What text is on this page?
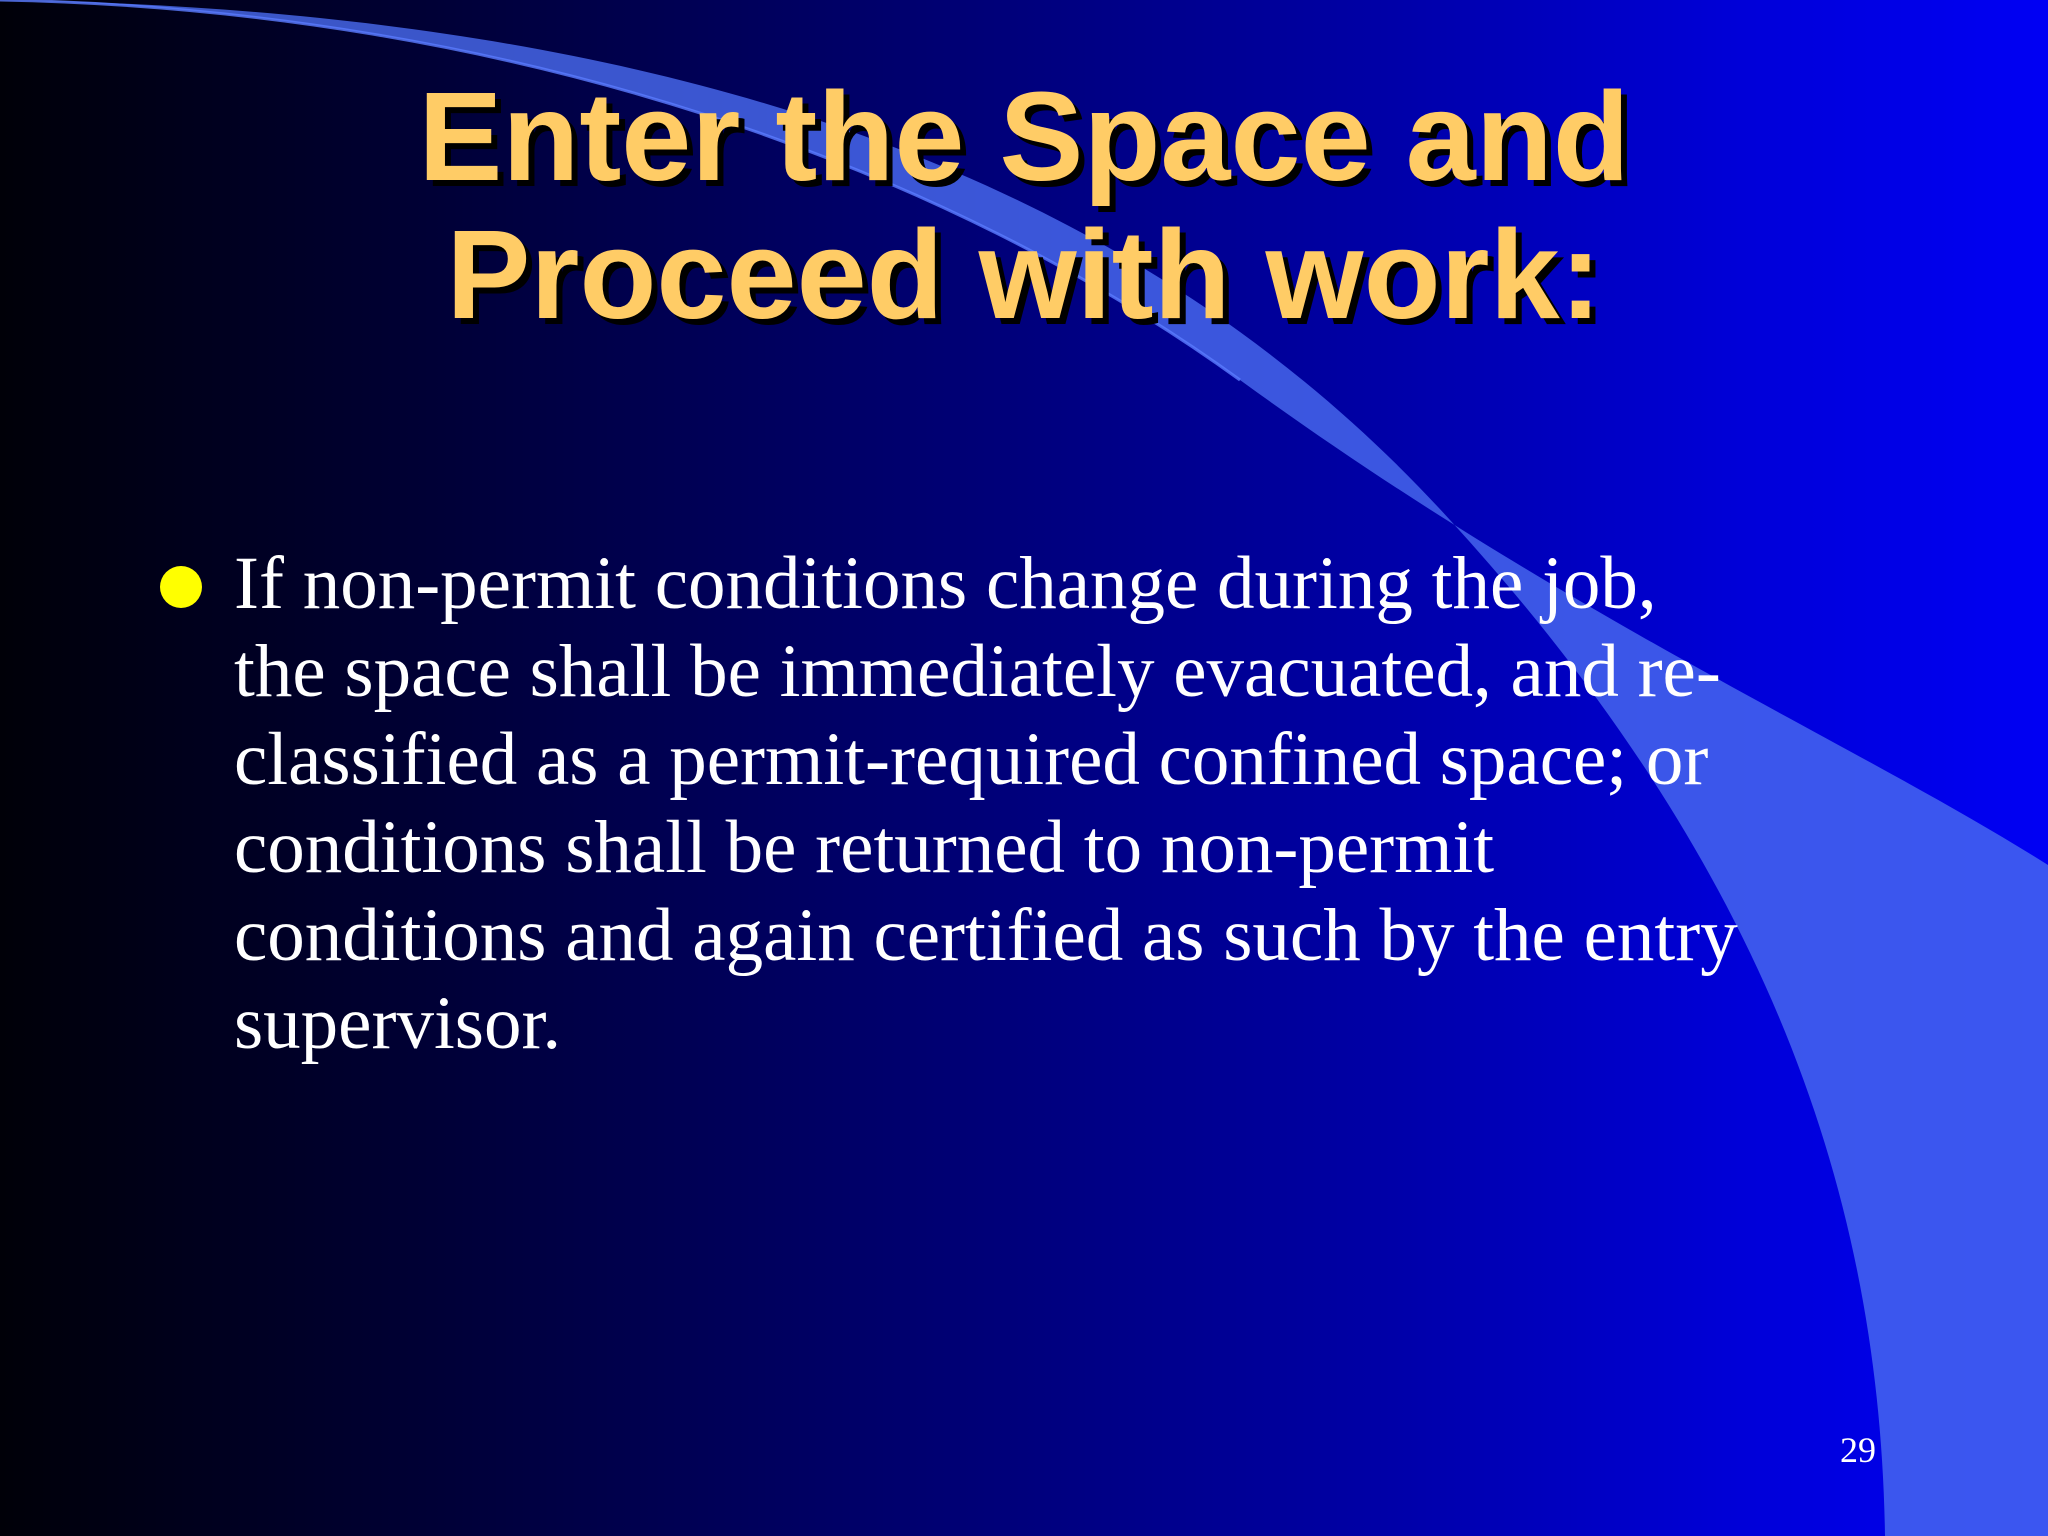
Enter the Space and
Proceed with work:
If non-permit conditions change during the job,
the space shall be immediately evacuated, and re-
classified as a permit-required confined space; or
conditions shall be returned to non-permit
conditions and again certified as such by the entry
supervisor.
29
